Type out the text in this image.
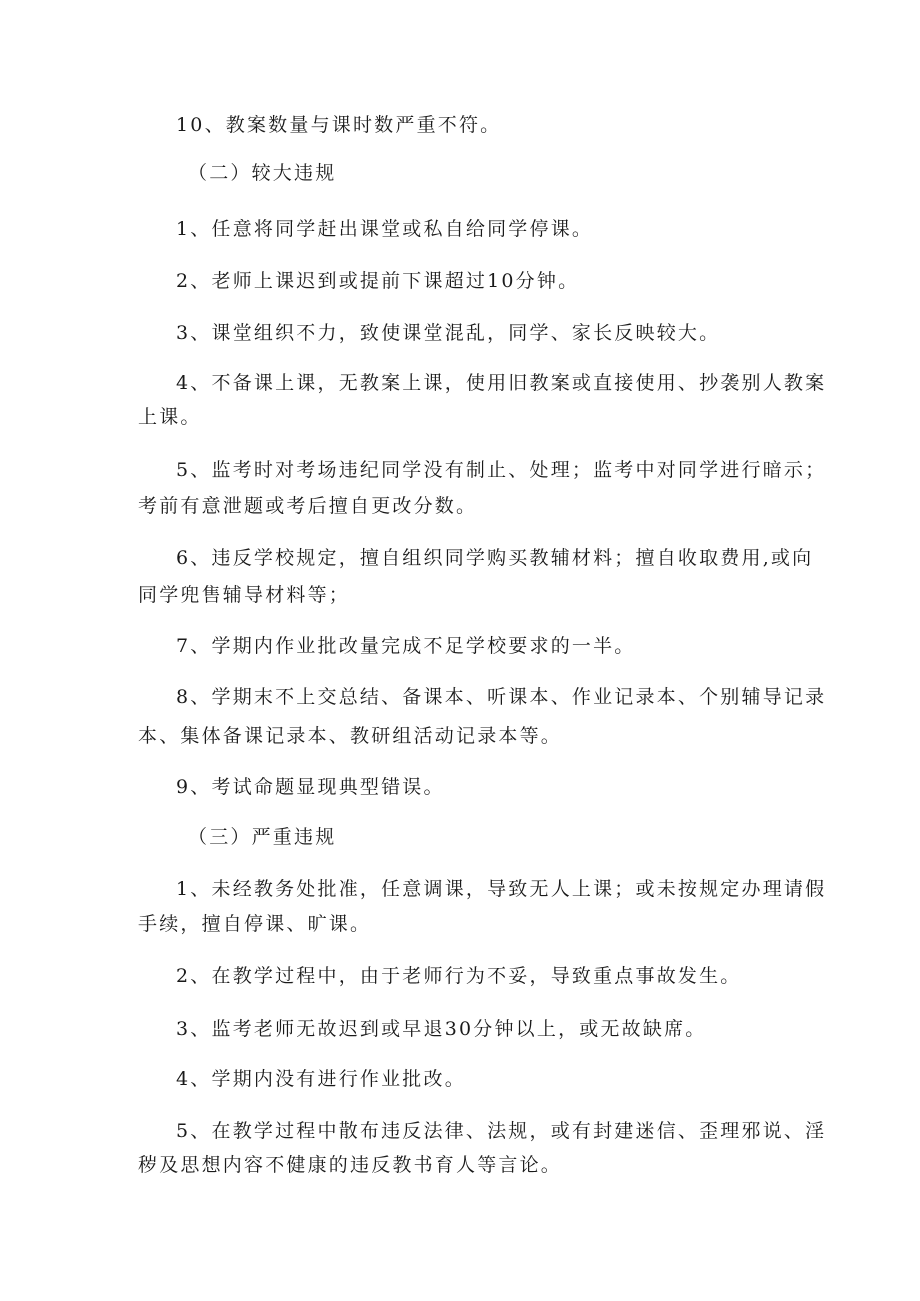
10、教案数量与课时数严重不符。
（二）较大违规
1、任意将同学赶出课堂或私自给同学停课。
2、老师上课迟到或提前下课超过10分钟。
3、课堂组织不力，致使课堂混乱，同学、家长反映较大。
4、不备课上课，无教案上课，使用旧教案或直接使用、抄袭别人教案
上课。
5、监考时对考场违纪同学没有制止、处理；监考中对同学进行暗示；
考前有意泄题或考后擅自更改分数。
6、违反学校规定，擅自组织同学购买教辅材料；擅自收取费用,或向
同学兜售辅导材料等；
7、学期内作业批改量完成不足学校要求的一半。
8、学期末不上交总结、备课本、听课本、作业记录本、个别辅导记录
本、集体备课记录本、教研组活动记录本等。
9、考试命题显现典型错误。
（三）严重违规
1、未经教务处批准，任意调课，导致无人上课；或未按规定办理请假
手续，擅自停课、旷课。
2、在教学过程中，由于老师行为不妥，导致重点事故发生。
3、监考老师无故迟到或早退30分钟以上，或无故缺席。
4、学期内没有进行作业批改。
5、在教学过程中散布违反法律、法规，或有封建迷信、歪理邪说、淫
秽及思想内容不健康的违反教书育人等言论。
